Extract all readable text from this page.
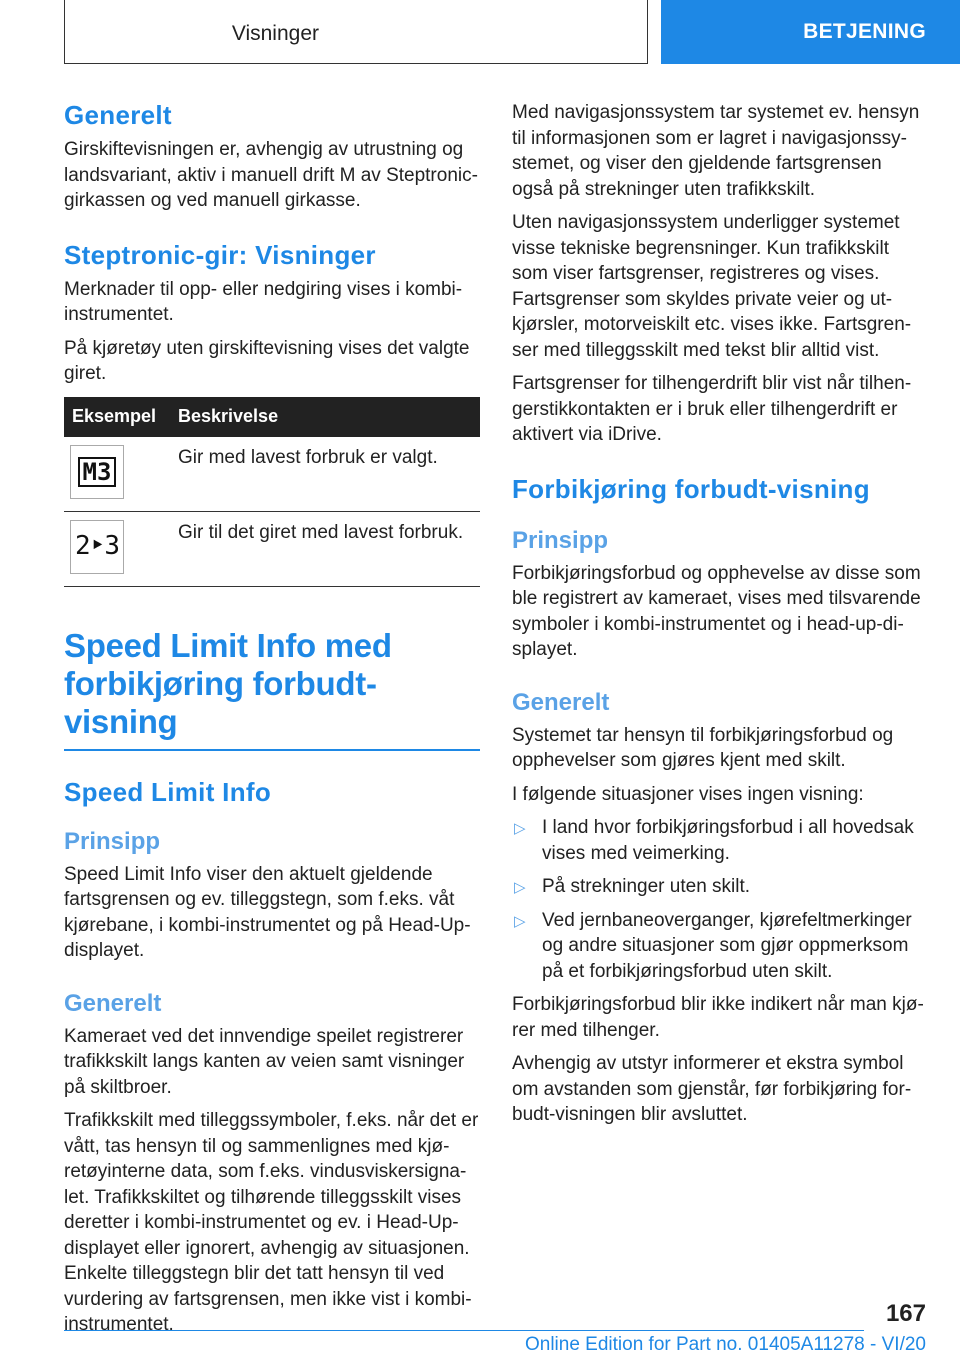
Visninger	BETJENING
Generelt

Girskiftevisningen er, avhengig av utrustning og landsvariant, aktiv i manuell drift M av Steptronic-girkassen og ved manuell girkasse.

Steptronic-gir: Visninger

Merknader til opp- eller nedgiring vises i kombi-instrumentet.

På kjøretøy uten girskiftevisning vises det valgte giret.

Eksempel	Beskrivelse

M3	Gir med lavest forbruk er valgt.

2‣3	Gir til det giret med lavest forbruk.
Speed Limit Info med forbikjøring forbudt-visning
Speed Limit Info
Prinsipp

Speed Limit Info viser den aktuelt gjeldende fartsgrensen og ev. tilleggstegn, som f.eks. våt kjørebane, i kombi-instrumentet og på Head-Up-displayet.

Generelt

Kameraet ved det innvendige speilet registrerer trafikkskilt langs kanten av veien samt visninger på skiltbroer.

Trafikkskilt med tilleggssymboler, f.eks. når det er vått, tas hensyn til og sammenlignes med kjø-retøyinterne data, som f.eks. vindusviskersigna-let. Trafikkskiltet og tilhørende tilleggsskilt vises deretter i kombi-instrumentet og ev. i Head-Up-displayet eller ignorert, avhengig av situasjonen. Enkelte tilleggstegn blir det tatt hensyn til ved vurdering av fartsgrensen, men ikke vist i kombi-instrumentet.

Med navigasjonssystem tar systemet ev. hensyn til informasjonen som er lagret i navigasjonssy-stemet, og viser den gjeldende fartsgrensen også på strekninger uten trafikkskilt.

Uten navigasjonssystem underligger systemet visse tekniske begrensninger. Kun trafikkskilt som viser fartsgrenser, registreres og vises. Fartsgrenser som skyldes private veier og ut-kjørsler, motorveiskilt etc. vises ikke. Fartsgren-ser med tilleggsskilt med tekst blir alltid vist.

Fartsgrenser for tilhengerdrift blir vist når tilhen-gerstikkontakten er i bruk eller tilhengerdrift er aktivert via iDrive.

Forbikjøring forbudt-visning
Prinsipp

Forbikjøringsforbud og opphevelse av disse som ble registrert av kameraet, vises med tilsvarende symboler i kombi-instrumentet og i head-up-di-splayet.

Generelt

Systemet tar hensyn til forbikjøringsforbud og opphevelser som gjøres kjent med skilt.

I følgende situasjoner vises ingen visning:

▷ I land hvor forbikjøringsforbud i all hovedsak vises med veimerking.
▷ På strekninger uten skilt.
▷ Ved jernbaneoverganger, kjørefeltmerkinger og andre situasjoner som gjør oppmerksom på et forbikjøringsforbud uten skilt.

Forbikjøringsforbud blir ikke indikert når man kjø-rer med tilhenger.

Avhengig av utstyr informerer et ekstra symbol om avstanden som gjenstår, før forbikjøring for-budt-visningen blir avsluttet.

167
Online Edition for Part no. 01405A11278 - VI/20
